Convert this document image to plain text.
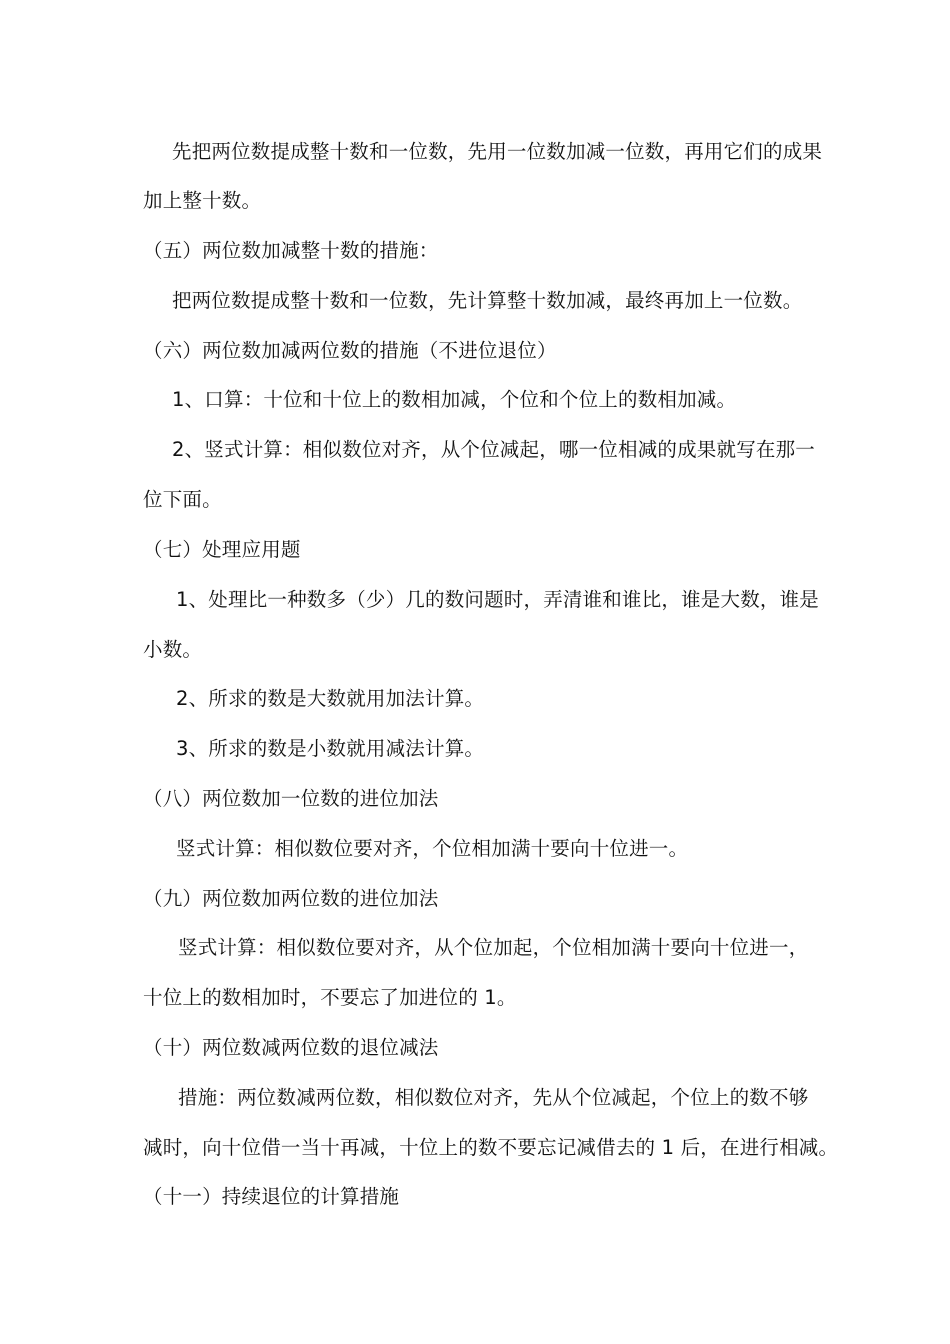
先把两位数提成整十数和一位数，先用一位数加减一位数，再用它们的成果
加上整十数。
（五）两位数加减整十数的措施：
把两位数提成整十数和一位数，先计算整十数加减，最终再加上一位数。
（六）两位数加减两位数的措施（不进位退位）
1、口算：十位和十位上的数相加减，个位和个位上的数相加减。
2、竖式计算：相似数位对齐，从个位减起，哪一位相减的成果就写在那一
位下面。
（七）处理应用题
1、处理比一种数多（少）几的数问题时，弄清谁和谁比，谁是大数，谁是
小数。
2、所求的数是大数就用加法计算。
3、所求的数是小数就用减法计算。
（八）两位数加一位数的进位加法
竖式计算：相似数位要对齐，个位相加满十要向十位进一。
（九）两位数加两位数的进位加法
竖式计算：相似数位要对齐，从个位加起，个位相加满十要向十位进一，
十位上的数相加时，不要忘了加进位的 1。
（十）两位数减两位数的退位减法
措施：两位数减两位数，相似数位对齐，先从个位减起，个位上的数不够
减时，向十位借一当十再减，十位上的数不要忘记减借去的 1 后，在进行相减。
（十一）持续退位的计算措施
